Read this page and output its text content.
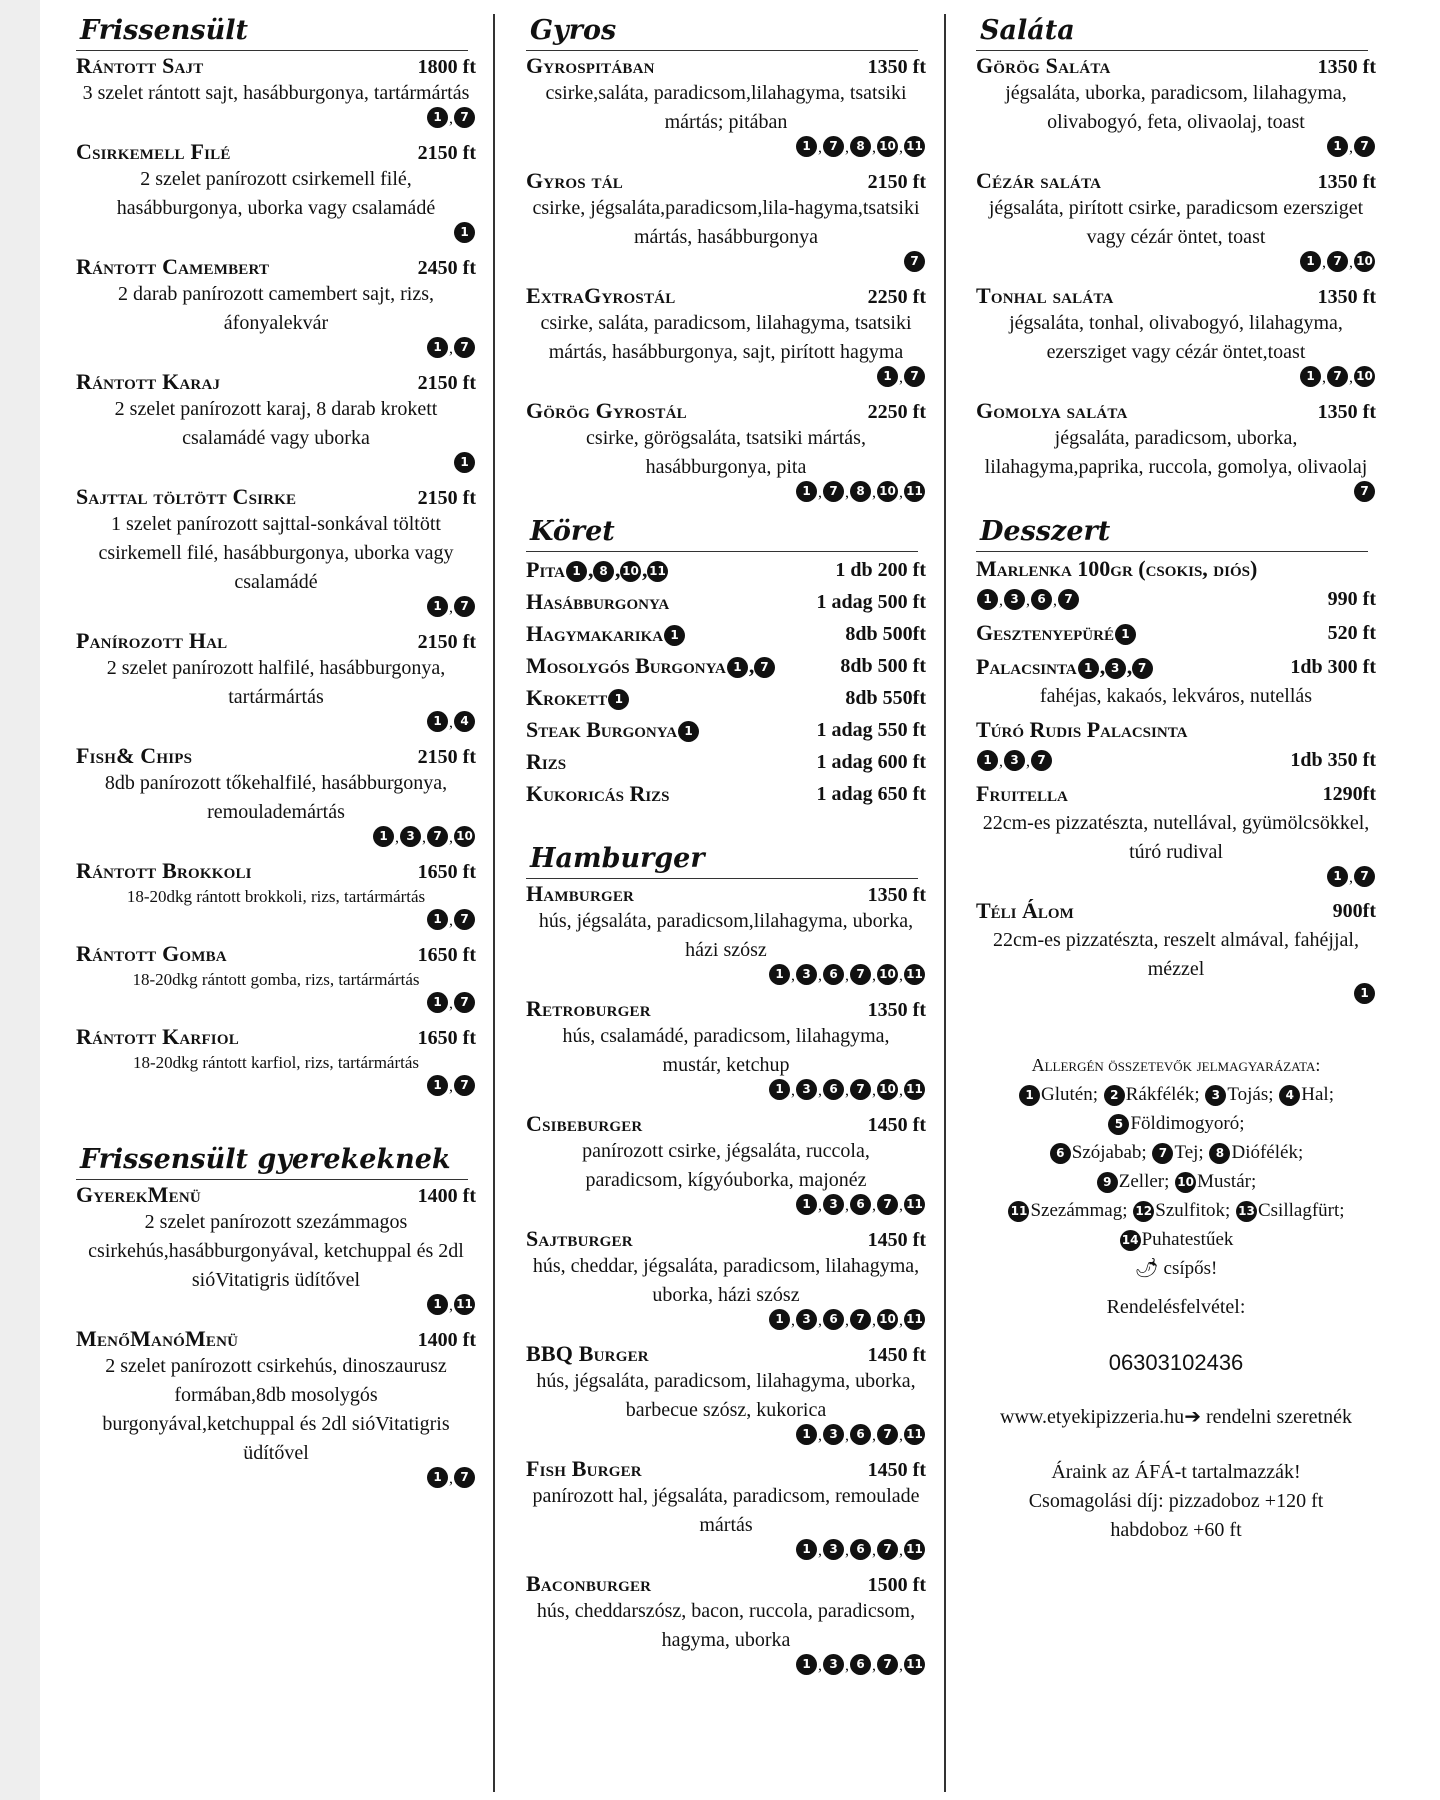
Frissensült
Rántott Sajt	1800 ft
3 szelet rántott sajt, hasábburgonya, tartármártás
1 , 7
Csirkemell Filé	2150 ft
2 szelet panírozott csirkemell filé, hasábburgonya, uborka vagy csalamádé
1
Rántott Camembert	2450 ft
2 darab panírozott camembert sajt, rizs, áfonyalekvár
1 , 7
Rántott Karaj	2150 ft
2 szelet panírozott karaj, 8 darab krokett csalamádé vagy uborka
1
Sajttal töltött Csirke	2150 ft
1 szelet panírozott sajttal-sonkával töltött csirkemell filé, hasábburgonya, uborka vagy csalamádé
1 , 7
Panírozott Hal	2150 ft
2 szelet panírozott halfilé, hasábburgonya, tartármártás
1 , 4
Fish& Chips	2150 ft
8db panírozott tőkehalfilé, hasábburgonya, remoulademártás
1 , 3 , 7 , 10
Rántott Brokkoli	1650 ft
18-20dkg rántott brokkoli, rizs, tartármártás
1 , 7
Rántott Gomba	1650 ft
18-20dkg rántott gomba, rizs, tartármártás
1 , 7
Rántott Karfiol	1650 ft
18-20dkg rántott karfiol, rizs, tartármártás
1 , 7
Frissensült gyerekeknek
GyerekMenü	1400 ft
2 szelet panírozott szezámmagos csirkehús,hasábburgonyával, ketchuppal és 2dl sióVitatigris üdítővel
1 , 11
MenőManóMenü	1400 ft
2 szelet panírozott csirkehús, dinoszaurusz formában,8db mosolygós burgonyával,ketchuppal és 2dl sióVitatigris üdítővel
1 , 7
Gyros
Gyrospitában	1350 ft
csirke,saláta, paradicsom,lilahagyma, tsatsiki mártás; pitában
1 , 7 , 8 , 10 , 11
Gyros tál	2150 ft
csirke, jégsaláta,paradicsom,lila-hagyma,tsatsiki mártás, hasábburgonya
7
ExtraGyrostál	2250 ft
csirke, saláta, paradicsom, lilahagyma, tsatsiki mártás, hasábburgonya, sajt, pirított hagyma
1 , 7
Görög Gyrostál	2250 ft
csirke, görögsaláta, tsatsiki mártás, hasábburgonya, pita
1 , 7 , 8 , 10 , 11
Köret
Pita 1 , 8 , 10 , 11	1 db 200 ft
Hasábburgonya	1 adag 500 ft
Hagymakarika 1	8db 500ft
Mosolygós Burgonya 1 , 7	8db 500 ft
Krokett 1	8db 550ft
Steak Burgonya 1	1 adag 550 ft
Rizs	1 adag 600 ft
Kukoricás Rizs	1 adag 650 ft
Hamburger
Hamburger	1350 ft
hús, jégsaláta, paradicsom,lilahagyma, uborka, házi szósz
1 , 3 , 6 , 7 , 10 , 11
Retroburger	1350 ft
hús, csalamádé, paradicsom, lilahagyma, mustár, ketchup
1 , 3 , 6 , 7 , 10 , 11
Csibeburger	1450 ft
panírozott csirke, jégsaláta, ruccola, paradicsom, kígyóuborka, majonéz
1 , 3 , 6 , 7 , 11
Sajtburger	1450 ft
hús, cheddar, jégsaláta, paradicsom, lilahagyma, uborka, házi szósz
1 , 3 , 6 , 7 , 10 , 11
BBQ Burger	1450 ft
hús, jégsaláta, paradicsom, lilahagyma, uborka, barbecue szósz, kukorica
1 , 3 , 6 , 7 , 11
Fish Burger	1450 ft
panírozott hal, jégsaláta, paradicsom, remoulade mártás
1 , 3 , 6 , 7 , 11
Baconburger	1500 ft
hús, cheddarszósz, bacon, ruccola, paradicsom, hagyma, uborka
1 , 3 , 6 , 7 , 11
Saláta
Görög Saláta	1350 ft
jégsaláta, uborka, paradicsom, lilahagyma, olivabogyó, feta, olivaolaj, toast
1 , 7
Cézár saláta	1350 ft
jégsaláta, pirított csirke, paradicsom ezersziget vagy cézár öntet, toast
1 , 7 , 10
Tonhal saláta	1350 ft
jégsaláta, tonhal, olivabogyó, lilahagyma, ezersziget vagy cézár öntet,toast
1 , 7 , 10
Gomolya saláta	1350 ft
jégsaláta, paradicsom, uborka, lilahagyma,paprika, ruccola, gomolya, olivaolaj
7
Desszert
Marlenka 100gr (csokis, diós)
1 , 3 , 6 , 7	990 ft
Gesztenyepüré 1	520 ft
Palacsinta 1 , 3 , 7	1db 300 ft
fahéjas, kakaós, lekváros, nutellás
Túró Rudis Palacsinta
1 , 3 , 7	1db 350 ft
Fruitella	1290ft
22cm-es pizzatészta, nutellával, gyümölcsökkel, túró rudival
1 , 7
Téli Álom	900ft
22cm-es pizzatészta, reszelt almával, fahéjjal, mézzel
1
Allergén összetevők jelmagyarázata:
1 Glutén; 2 Rákfélék; 3 Tojás; 4 Hal;
5 Földimogyoró;
6 Szójabab; 7 Tej; 8 Diófélék;
9 Zeller; 10 Mustár;
11 Szezámmag; 12 Szulfitok; 13 Csillagfürt;
14 Puhatestűek
🌶 csípős!
Rendelésfelvétel:
06303102436
www.etyekipizzeria.hu➔ rendelni szeretnék
Áraink az ÁFÁ-t tartalmazzák!
Csomagolási díj: pizzadoboz +120 ft
habdoboz +60 ft
